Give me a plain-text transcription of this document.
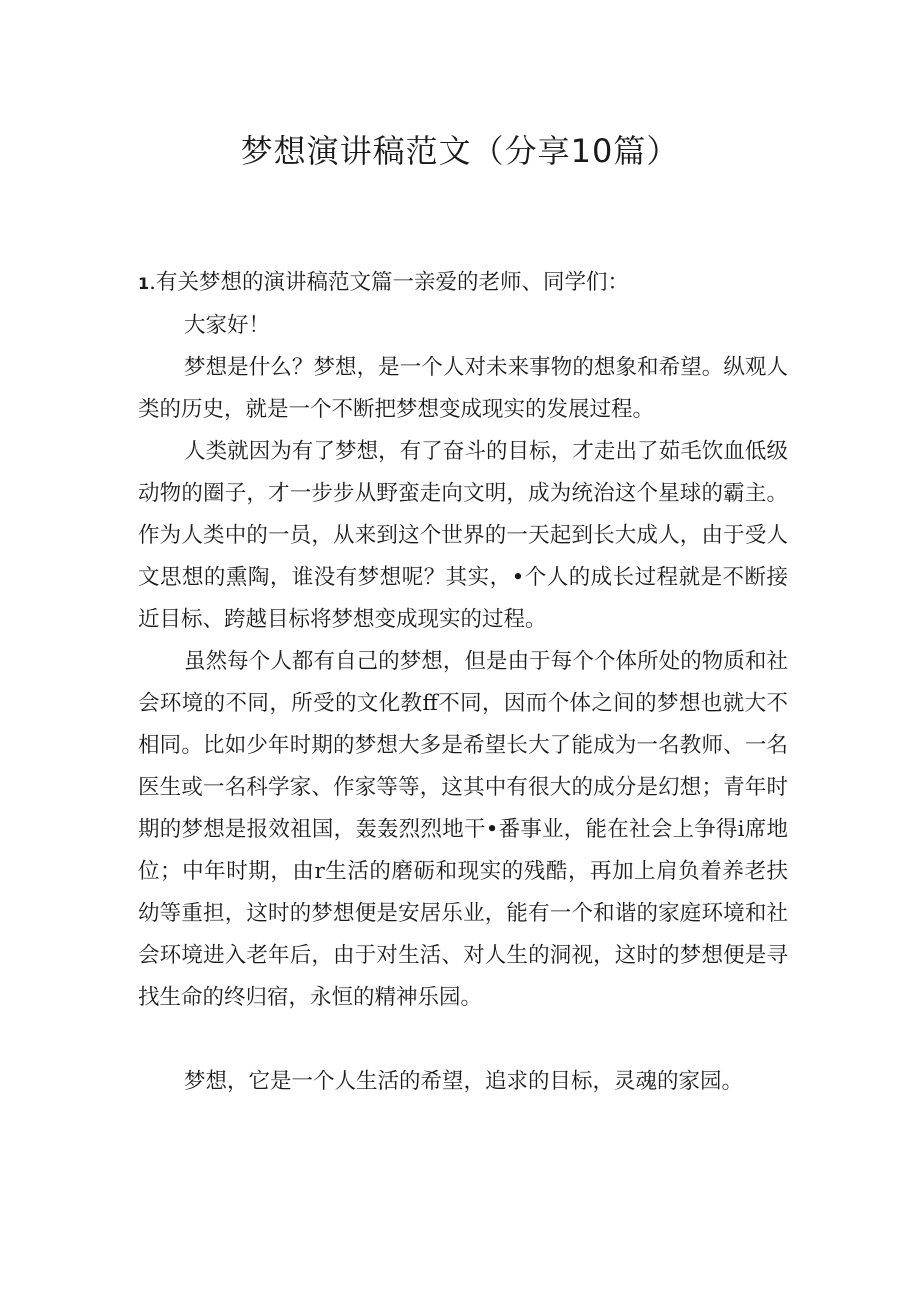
梦想演讲稿范文（分享10篇）

1.有关梦想的演讲稿范文篇一亲爱的老师、同学们：

大家好！

梦想是什么？梦想，是一个人对未来事物的想象和希望。纵观人类的历史，就是一个不断把梦想变成现实的发展过程。

人类就因为有了梦想，有了奋斗的目标，才走出了茹毛饮血低级动物的圈子，才一步步从野蛮走向文明，成为统治这个星球的霸主。作为人类中的一员，从来到这个世界的一天起到长大成人，由于受人文思想的熏陶，谁没有梦想呢？其实，•个人的成长过程就是不断接近目标、跨越目标将梦想变成现实的过程。

虽然每个人都有自己的梦想，但是由于每个个体所处的物质和社会环境的不同，所受的文化教ff不同，因而个体之间的梦想也就大不相同。比如少年时期的梦想大多是希望长大了能成为一名教师、一名医生或一名科学家、作家等等，这其中有很大的成分是幻想；青年时期的梦想是报效祖国，轰轰烈烈地干•番事业，能在社会上争得i席地位；中年时期，由r生活的磨砺和现实的残酷，再加上肩负着养老扶幼等重担，这时的梦想便是安居乐业，能有一个和谐的家庭环境和社会环境进入老年后，由于对生活、对人生的洞视，这时的梦想便是寻找生命的终归宿，永恒的精神乐园。

梦想，它是一个人生活的希望，追求的目标，灵魂的家园。
